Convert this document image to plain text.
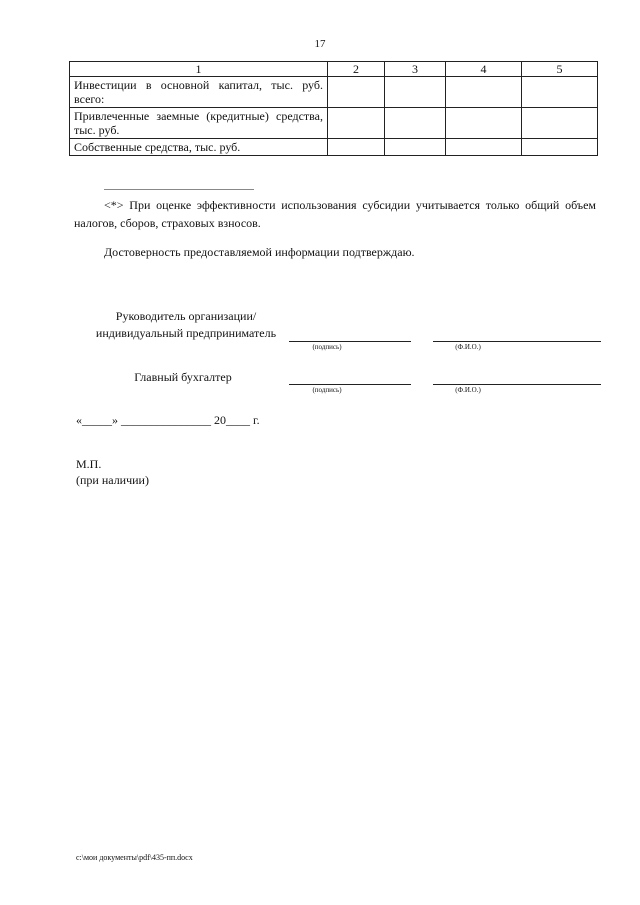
17
1	2	3	4	5
Инвестиции в основной капитал, тыс. руб. всего:				
Привлеченные заемные (кредитные) средства, тыс. руб.				
Собственные средства, тыс. руб.				
<*> При оценке эффективности использования субсидии учитывается только общий объем налогов, сборов, страховых взносов.
Достоверность предоставляемой информации подтверждаю.
Руководитель организации/
индивидуальный предприниматель
(подпись)	(Ф.И.О.)
Главный бухгалтер
(подпись)	(Ф.И.О.)
«_____» _______________ 20____ г.
М.П.
(при наличии)
c:\мои документы\pdf\435-пп.docx
